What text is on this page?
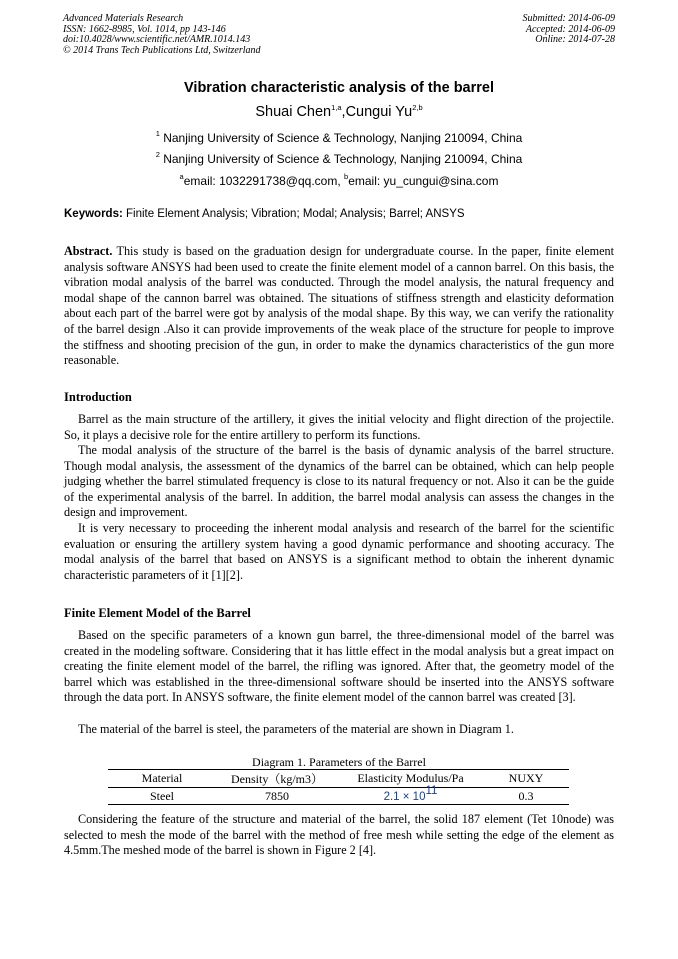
Advanced Materials Research
ISSN: 1662-8985, Vol. 1014, pp 143-146
doi:10.4028/www.scientific.net/AMR.1014.143
© 2014 Trans Tech Publications Ltd, Switzerland
Submitted: 2014-06-09
Accepted: 2014-06-09
Online: 2014-07-28
Vibration characteristic analysis of the barrel
Shuai Chen$^{1,a}$,Cungui Yu$^{2,b}$
$^1$ Nanjing University of Science & Technology, Nanjing 210094, China
$^2$ Nanjing University of Science & Technology, Nanjing 210094, China
$^a$email: 1032291738@qq.com, $^b$email: yu_cungui@sina.com
Keywords: Finite Element Analysis; Vibration; Modal; Analysis; Barrel; ANSYS

Abstract. This study is based on the graduation design for undergraduate course. In the paper, finite element analysis software ANSYS had been used to create the finite element model of a cannon barrel. On this basis, the vibration modal analysis of the barrel was conducted. Through the model analysis, the natural frequency and modal shape of the cannon barrel was obtained. The situations of stiffness strength and elasticity deformation about each part of the barrel were got by analysis of the modal shape. By this way, we can verify the rationality of the barrel design .Also it can provide improvements of the weak place of the structure for people to improve the stiffness and shooting precision of the gun, in order to make the dynamics characteristics of the gun more reasonable.

Introduction

Barrel as the main structure of the artillery, it gives the initial velocity and flight direction of the projectile. So, it plays a decisive role for the entire artillery to perform its functions.

The modal analysis of the structure of the barrel is the basis of dynamic analysis of the barrel structure. Though modal analysis, the assessment of the dynamics of the barrel can be obtained, which can help people judging whether the barrel stimulated frequency is close to its natural frequency or not. Also it can be the guide of the experimental analysis of the barrel. In addition, the barrel modal analysis can assess the changes in the design and improvement.

It is very necessary to proceeding the inherent modal analysis and research of the barrel for the scientific evaluation or ensuring the artillery system having a good dynamic performance and shooting accuracy. The modal analysis of the barrel that based on ANSYS is a significant method to obtain the inherent dynamic characteristic parameters of it [1][2].

Finite Element Model of the Barrel

Based on the specific parameters of a known gun barrel, the three-dimensional model of the barrel was created in the modeling software. Considering that it has little effect in the modal analysis but a great impact on creating the finite element model of the barrel, the rifling was ignored. After that, the geometry model of the barrel which was established in the three-dimensional software should be inserted into the ANSYS software through the data port. In ANSYS software, the finite element model of the cannon barrel was created [3].

The material of the barrel is steel, the parameters of the material are shown in Diagram 1.

Diagram 1. Parameters of the Barrel
Material	Density（kg/m3）	Elasticity Modulus/Pa	NUXY
Steel	7850	$2.1 \times 10^{11}$	0.3

Considering the feature of the structure and material of the barrel, the solid 187 element (Tet 10node) was selected to mesh the mode of the barrel with the method of free mesh while setting the edge of the element as 4.5mm.The meshed mode of the barrel is shown in Figure 2 [4].
